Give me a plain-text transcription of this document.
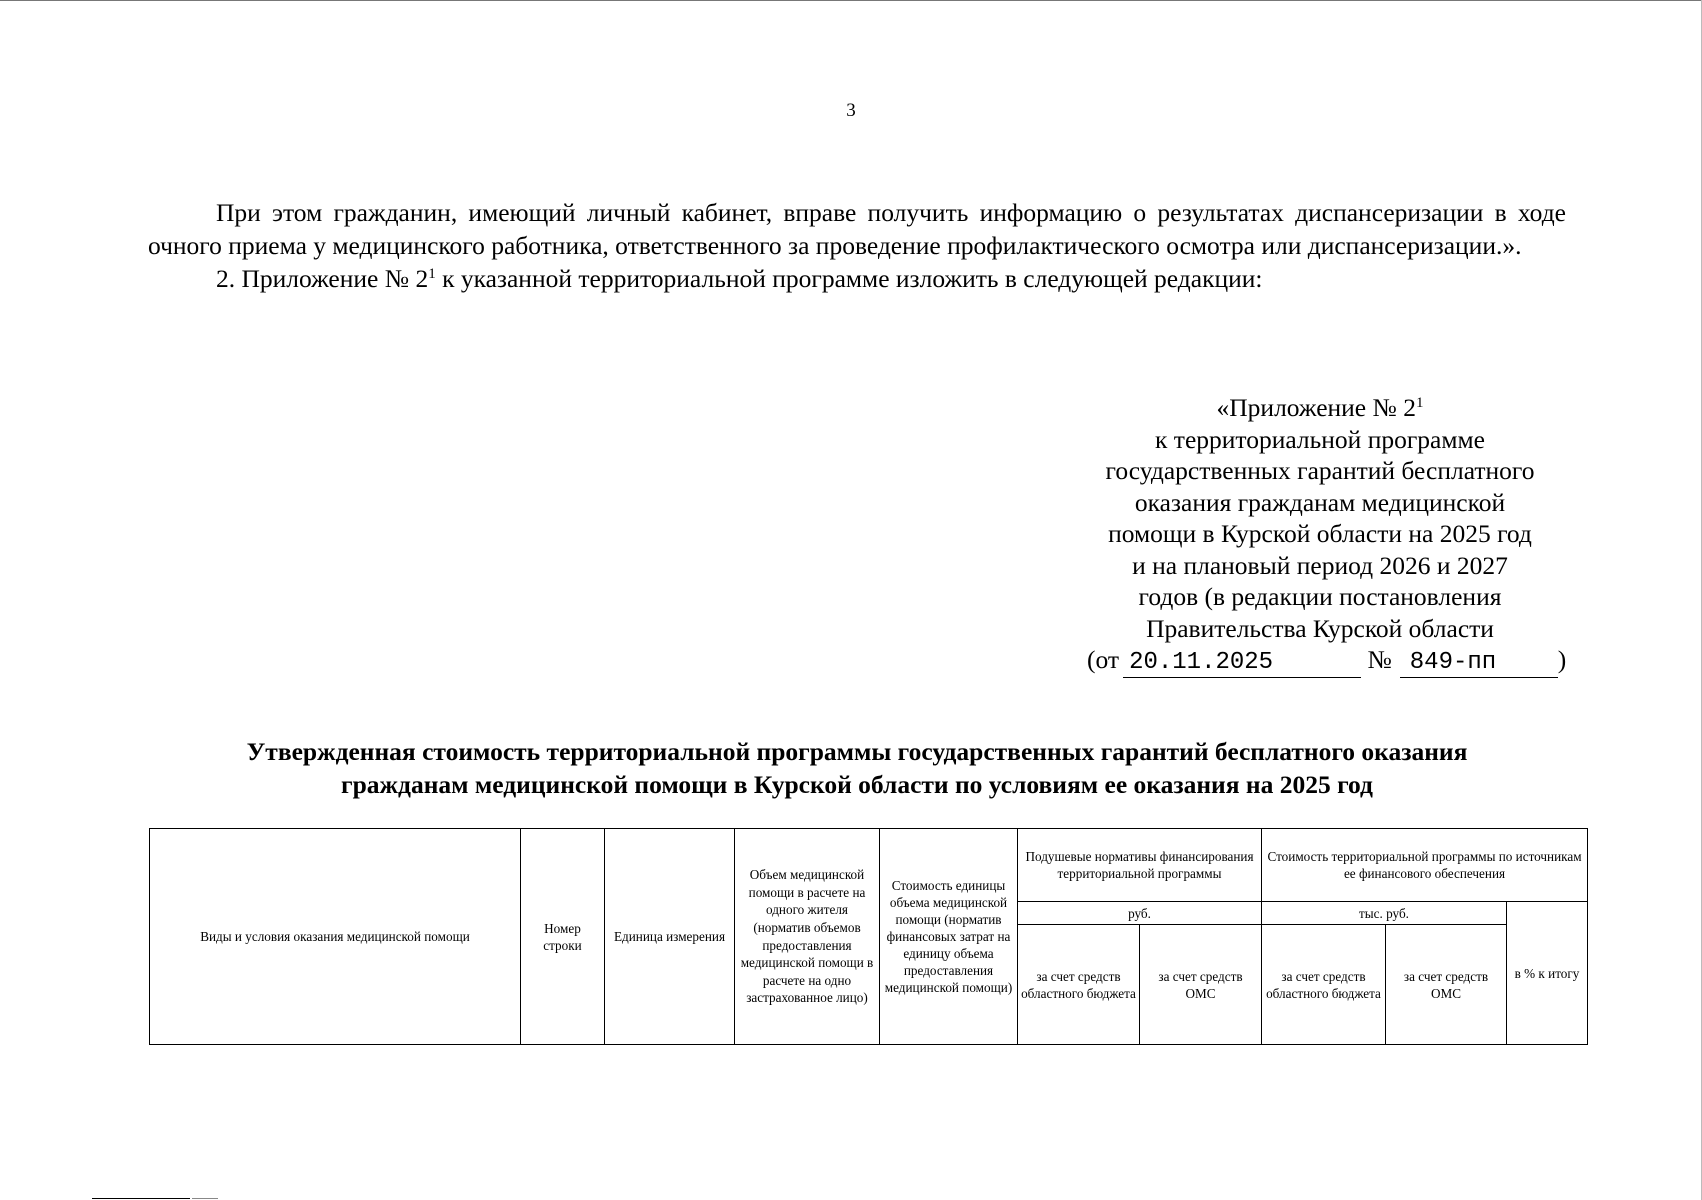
3

При этом гражданин, имеющий личный кабинет, вправе получить информацию о результатах диспансеризации в ходе очного приема у медицинского работника, ответственного за проведение профилактического осмотра или диспансеризации.».

2. Приложение № $2^1$ к указанной территориальной программе изложить в следующей редакции:

«Приложение № $2^1$
к территориальной программе
государственных гарантий бесплатного
оказания гражданам медицинской
помощи в Курской области на 2025 год
и на плановый период 2026 и 2027
годов (в редакции постановления
Правительства Курской области
(от 20.11.2025	№ 849-пп )
Утвержденная стоимость территориальной программы государственных гарантий бесплатного оказания
гражданам медицинской помощи в Курской области по условиям ее оказания на 2025 год
Виды и условия оказания медицинской помощи	Номер строки	Единица измерения	Объем медицинской помощи в расчете на одного жителя (норматив объемов предоставления медицинской помощи в расчете на одно застрахованное лицо)	Стоимость единицы объема медицинской помощи (норматив финансовых затрат на единицу объема предоставления медицинской помощи)	Подушевые нормативы финансирования территориальной программы		Стоимость территориальной программы по источникам ее финансового обеспечения		
					руб.		тыс. руб.		в % к итогу
					за счет средств областного бюджета	за счет средств ОМС	за счет средств областного бюджета	за счет средств ОМС	
